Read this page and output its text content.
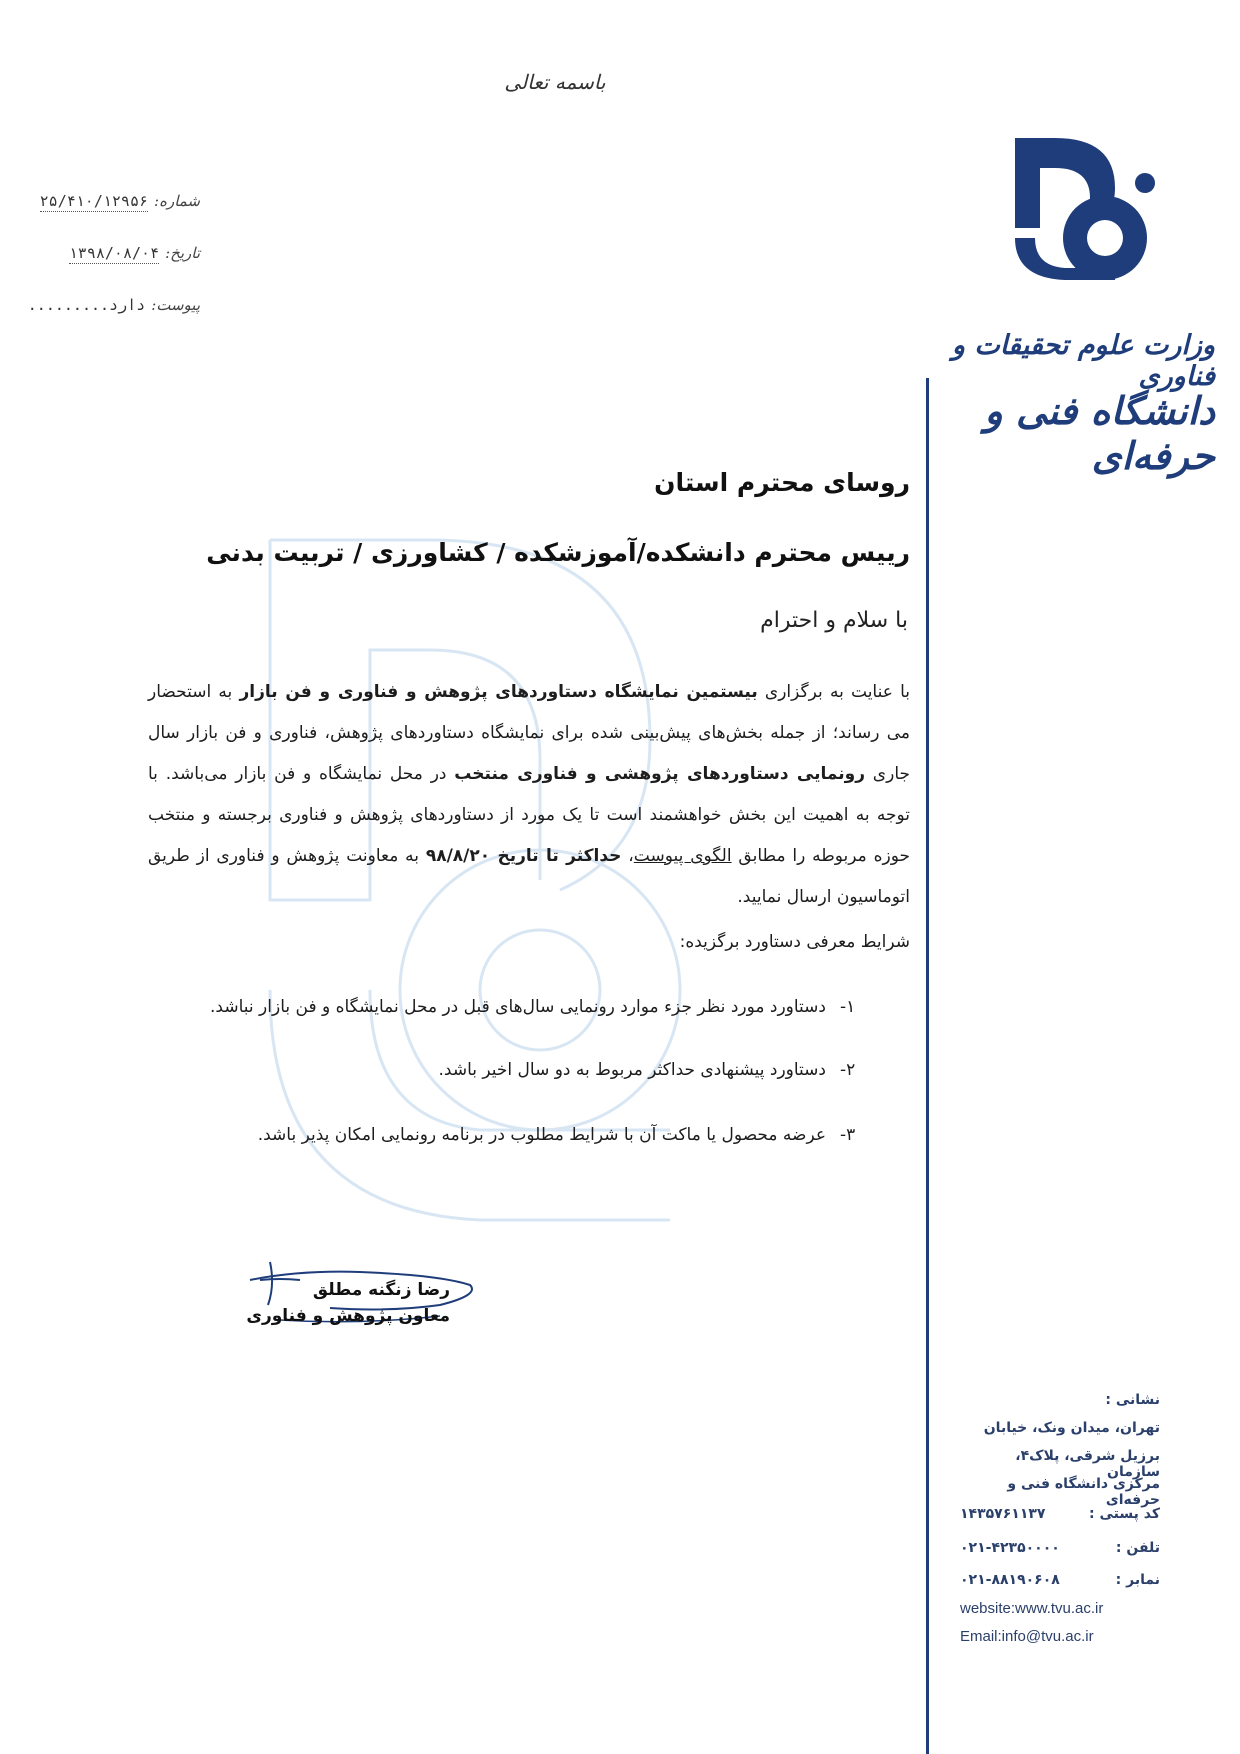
باسمه تعالی
شماره:
۲۵/۴۱۰/۱۲۹۵۶
تاریخ:
۱۳۹۸/۰۸/۰۴
پیوست:
دارد.........
وزارت علوم تحقیقات و فناوری
دانشگاه فنی و حرفه‌ای
روسای محترم استان
رییس محترم دانشکده/آموزشکده / کشاورزی / تربیت بدنی
با سلام و احترام
با عنایت به برگزاری بیستمین نمایشگاه دستاوردهای پژوهش و فناوری و فن بازار به استحضار می رساند؛ از جمله بخش‌های پیش‌بینی شده برای نمایشگاه دستاوردهای پژوهش، فناوری و فن بازار سال جاری رونمایی دستاوردهای پژوهشی و فناوری منتخب در محل نمایشگاه و فن بازار می‌باشد. با توجه به اهمیت این بخش خواهشمند است تا یک مورد از دستاوردهای پژوهش و فناوری برجسته و منتخب حوزه مربوطه را مطابق الگوی پیوست، حداکثر تا تاریخ ۹۸/۸/۲۰ به معاونت پژوهش و فناوری از طریق اتوماسیون ارسال نمایید.
شرایط معرفی دستاورد برگزیده:
۱-
دستاورد مورد نظر جزء موارد رونمایی سال‌های قبل در محل نمایشگاه و فن بازار نباشد.
۲-
دستاورد پیشنهادی حداکثر مربوط به دو سال اخیر باشد.
۳-
عرضه محصول یا ماکت آن با شرایط مطلوب در برنامه رونمایی امکان پذیر باشد.
رضا زنگنه مطلق
معاون پژوهش و فناوری
نشانی :
تهران، میدان ونک، خیابان
برزیل شرقی، پلاک۴، سازمان
مرکزی دانشگاه فنی و حرفه‌ای
کد پستی :
۱۴۳۵۷۶۱۱۳۷
تلفن :
۰۲۱-۴۲۳۵۰۰۰۰
نمابر :
۰۲۱-۸۸۱۹۰۶۰۸
website:www.tvu.ac.ir
Email:info@tvu.ac.ir
